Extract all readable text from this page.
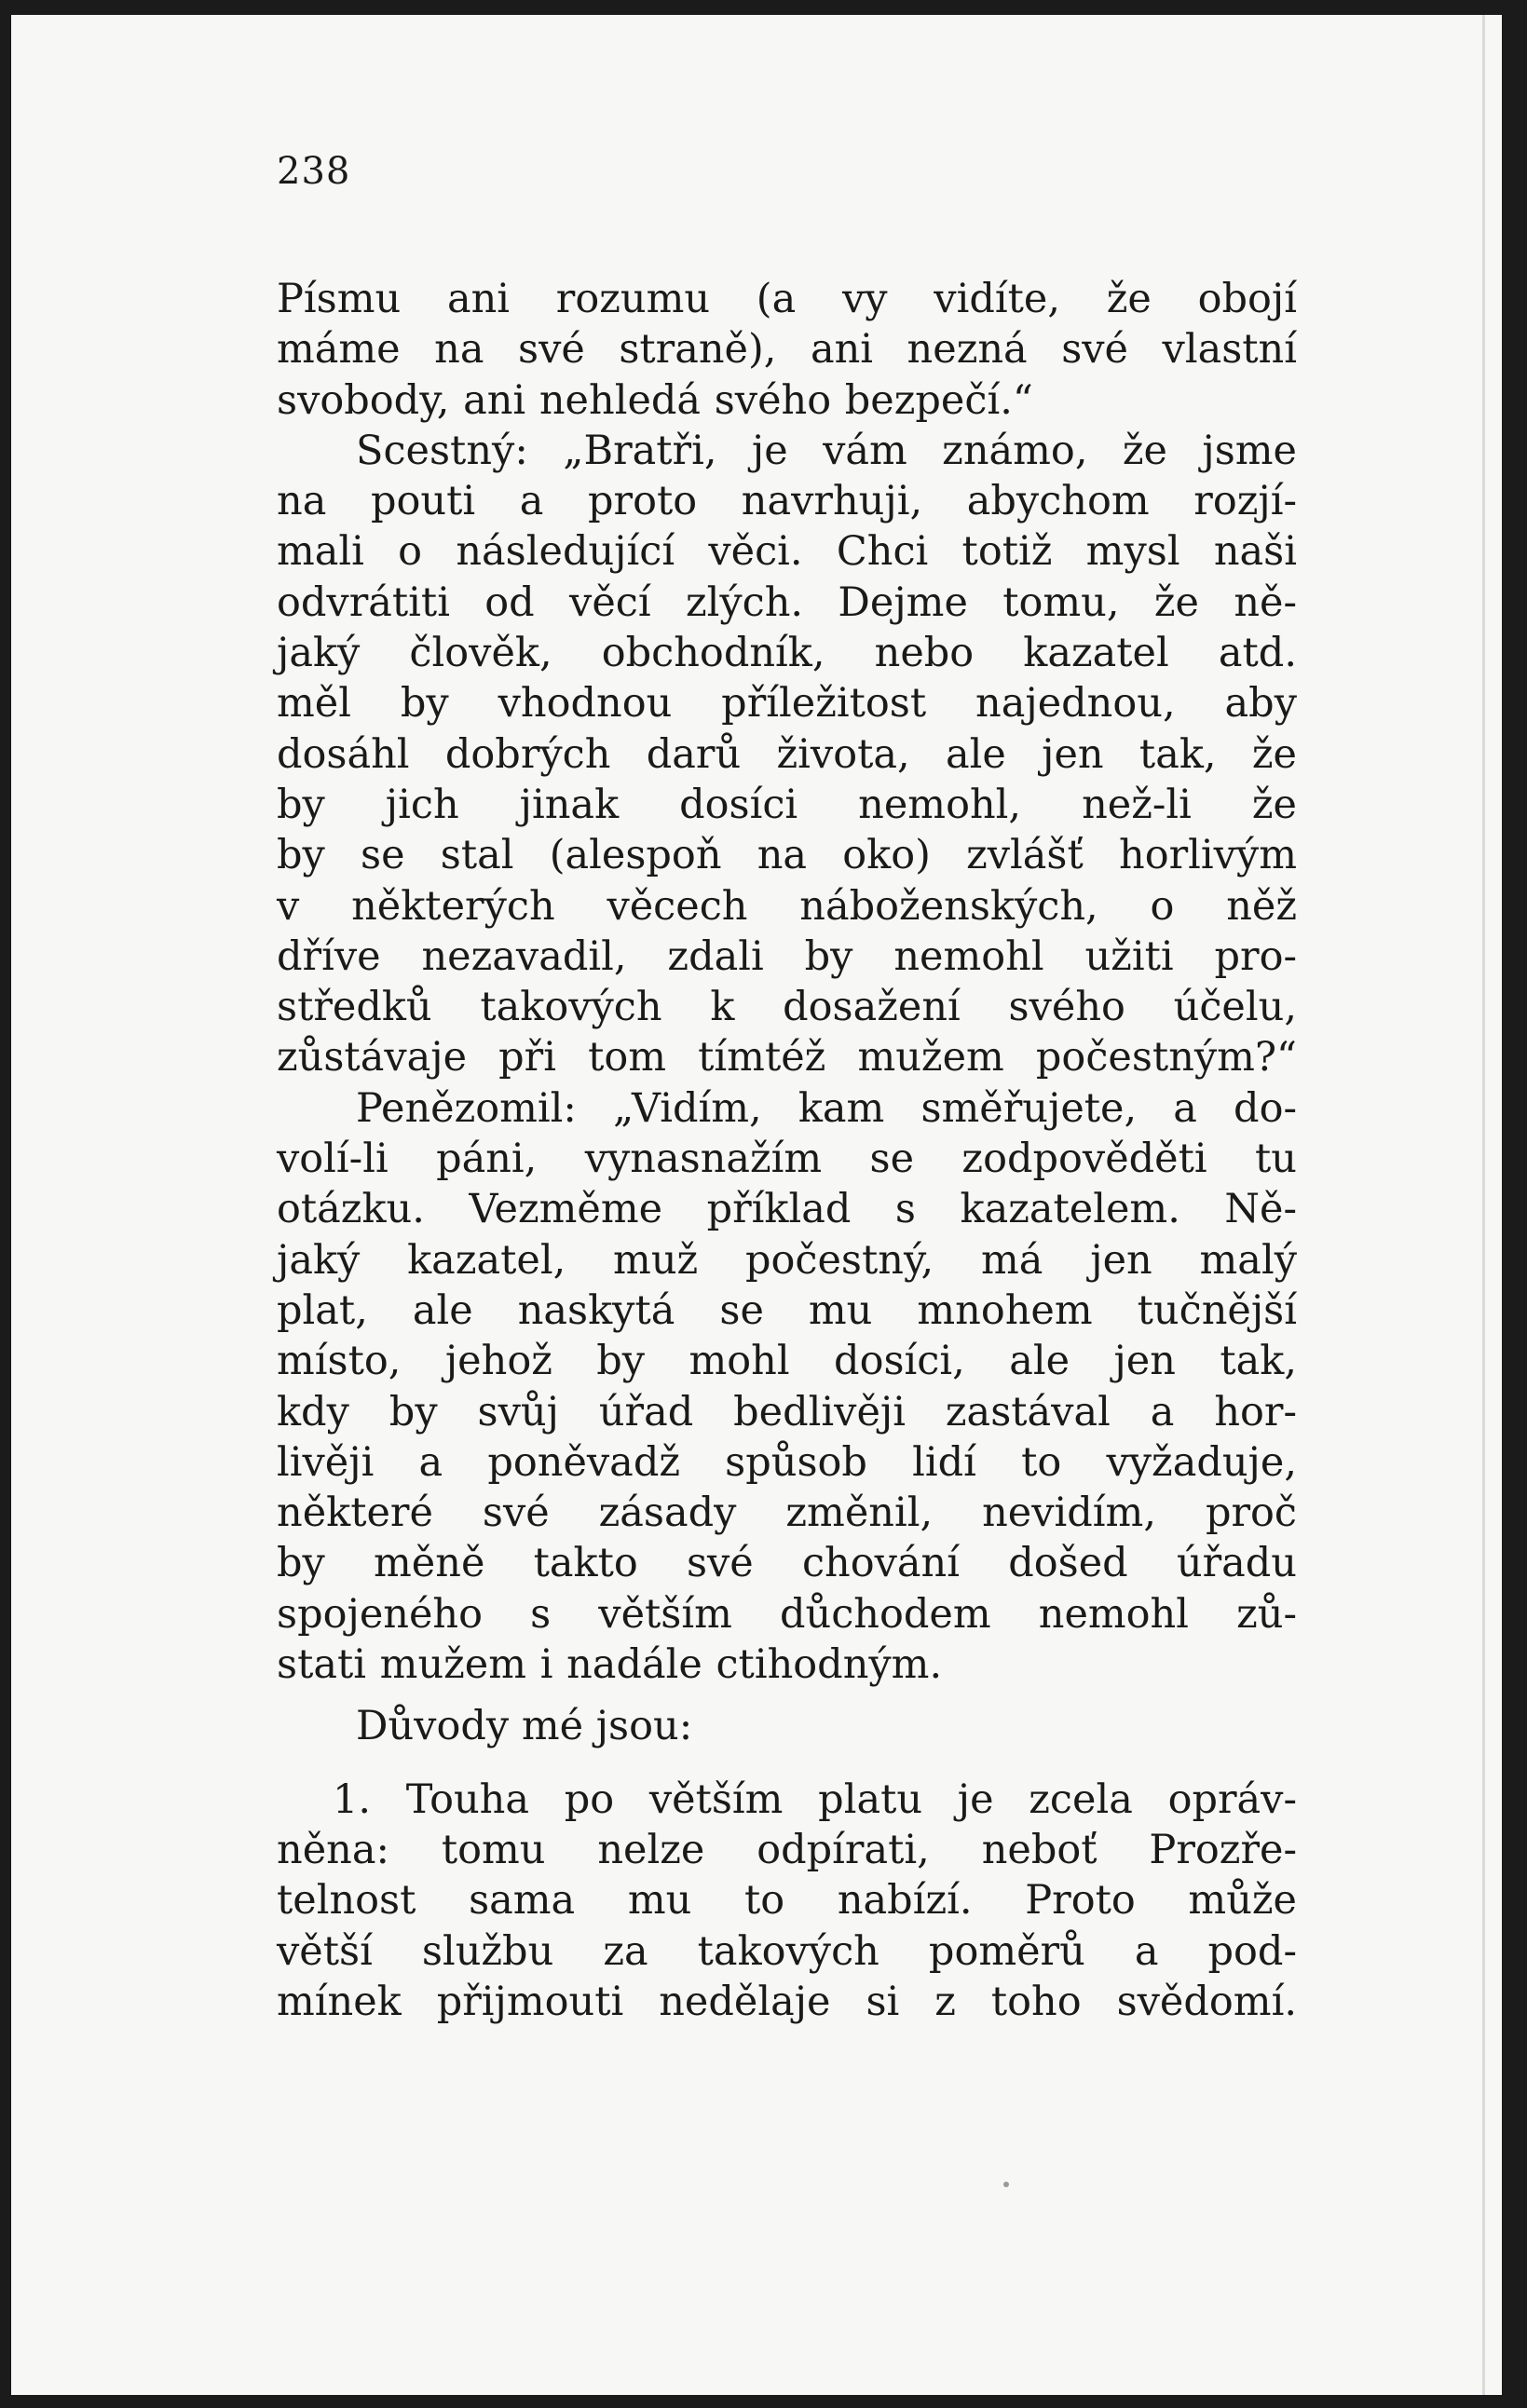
238

Písmu ani rozumu (a vy vidíte, že obojí
máme na své straně), ani nezná své vlastní
svobody, ani nehledá svého bezpečí.“

Scestný: „Bratři, je vám známo, že jsme
na pouti a proto navrhuji, abychom rozjí-
mali o následující věci. Chci totiž mysl naši
odvrátiti od věcí zlých. Dejme tomu, že ně-
jaký člověk, obchodník, nebo kazatel atd.
měl by vhodnou příležitost najednou, aby
dosáhl dobrých darů života, ale jen tak, že
by jich jinak dosíci nemohl, než-li že
by se stal (alespoň na oko) zvlášť horlivým
v některých věcech náboženských, o něž
dříve nezavadil, zdali by nemohl užiti pro-
středků takových k dosažení svého účelu,
zůstávaje při tom tímtéž mužem počestným?“

Penězomil: „Vidím, kam směřujete, a do-
volí-li páni, vynasnažím se zodpověděti tu
otázku. Vezměme příklad s kazatelem. Ně-
jaký kazatel, muž počestný, má jen malý
plat, ale naskytá se mu mnohem tučnější
místo, jehož by mohl dosíci, ale jen tak,
kdy by svůj úřad bedlivěji zastával a hor-
livěji a poněvadž spůsob lidí to vyžaduje,
některé své zásady změnil, nevidím, proč
by měně takto své chování došed úřadu
spojeného s větším důchodem nemohl zů-
stati mužem i nadále ctihodným.

Důvody mé jsou:

1. Touha po větším platu je zcela opráv-
něna: tomu nelze odpírati, neboť Prozře-
telnost sama mu to nabízí. Proto může
větší službu za takových poměrů a pod-
mínek přijmouti nedělaje si z toho svědomí.
